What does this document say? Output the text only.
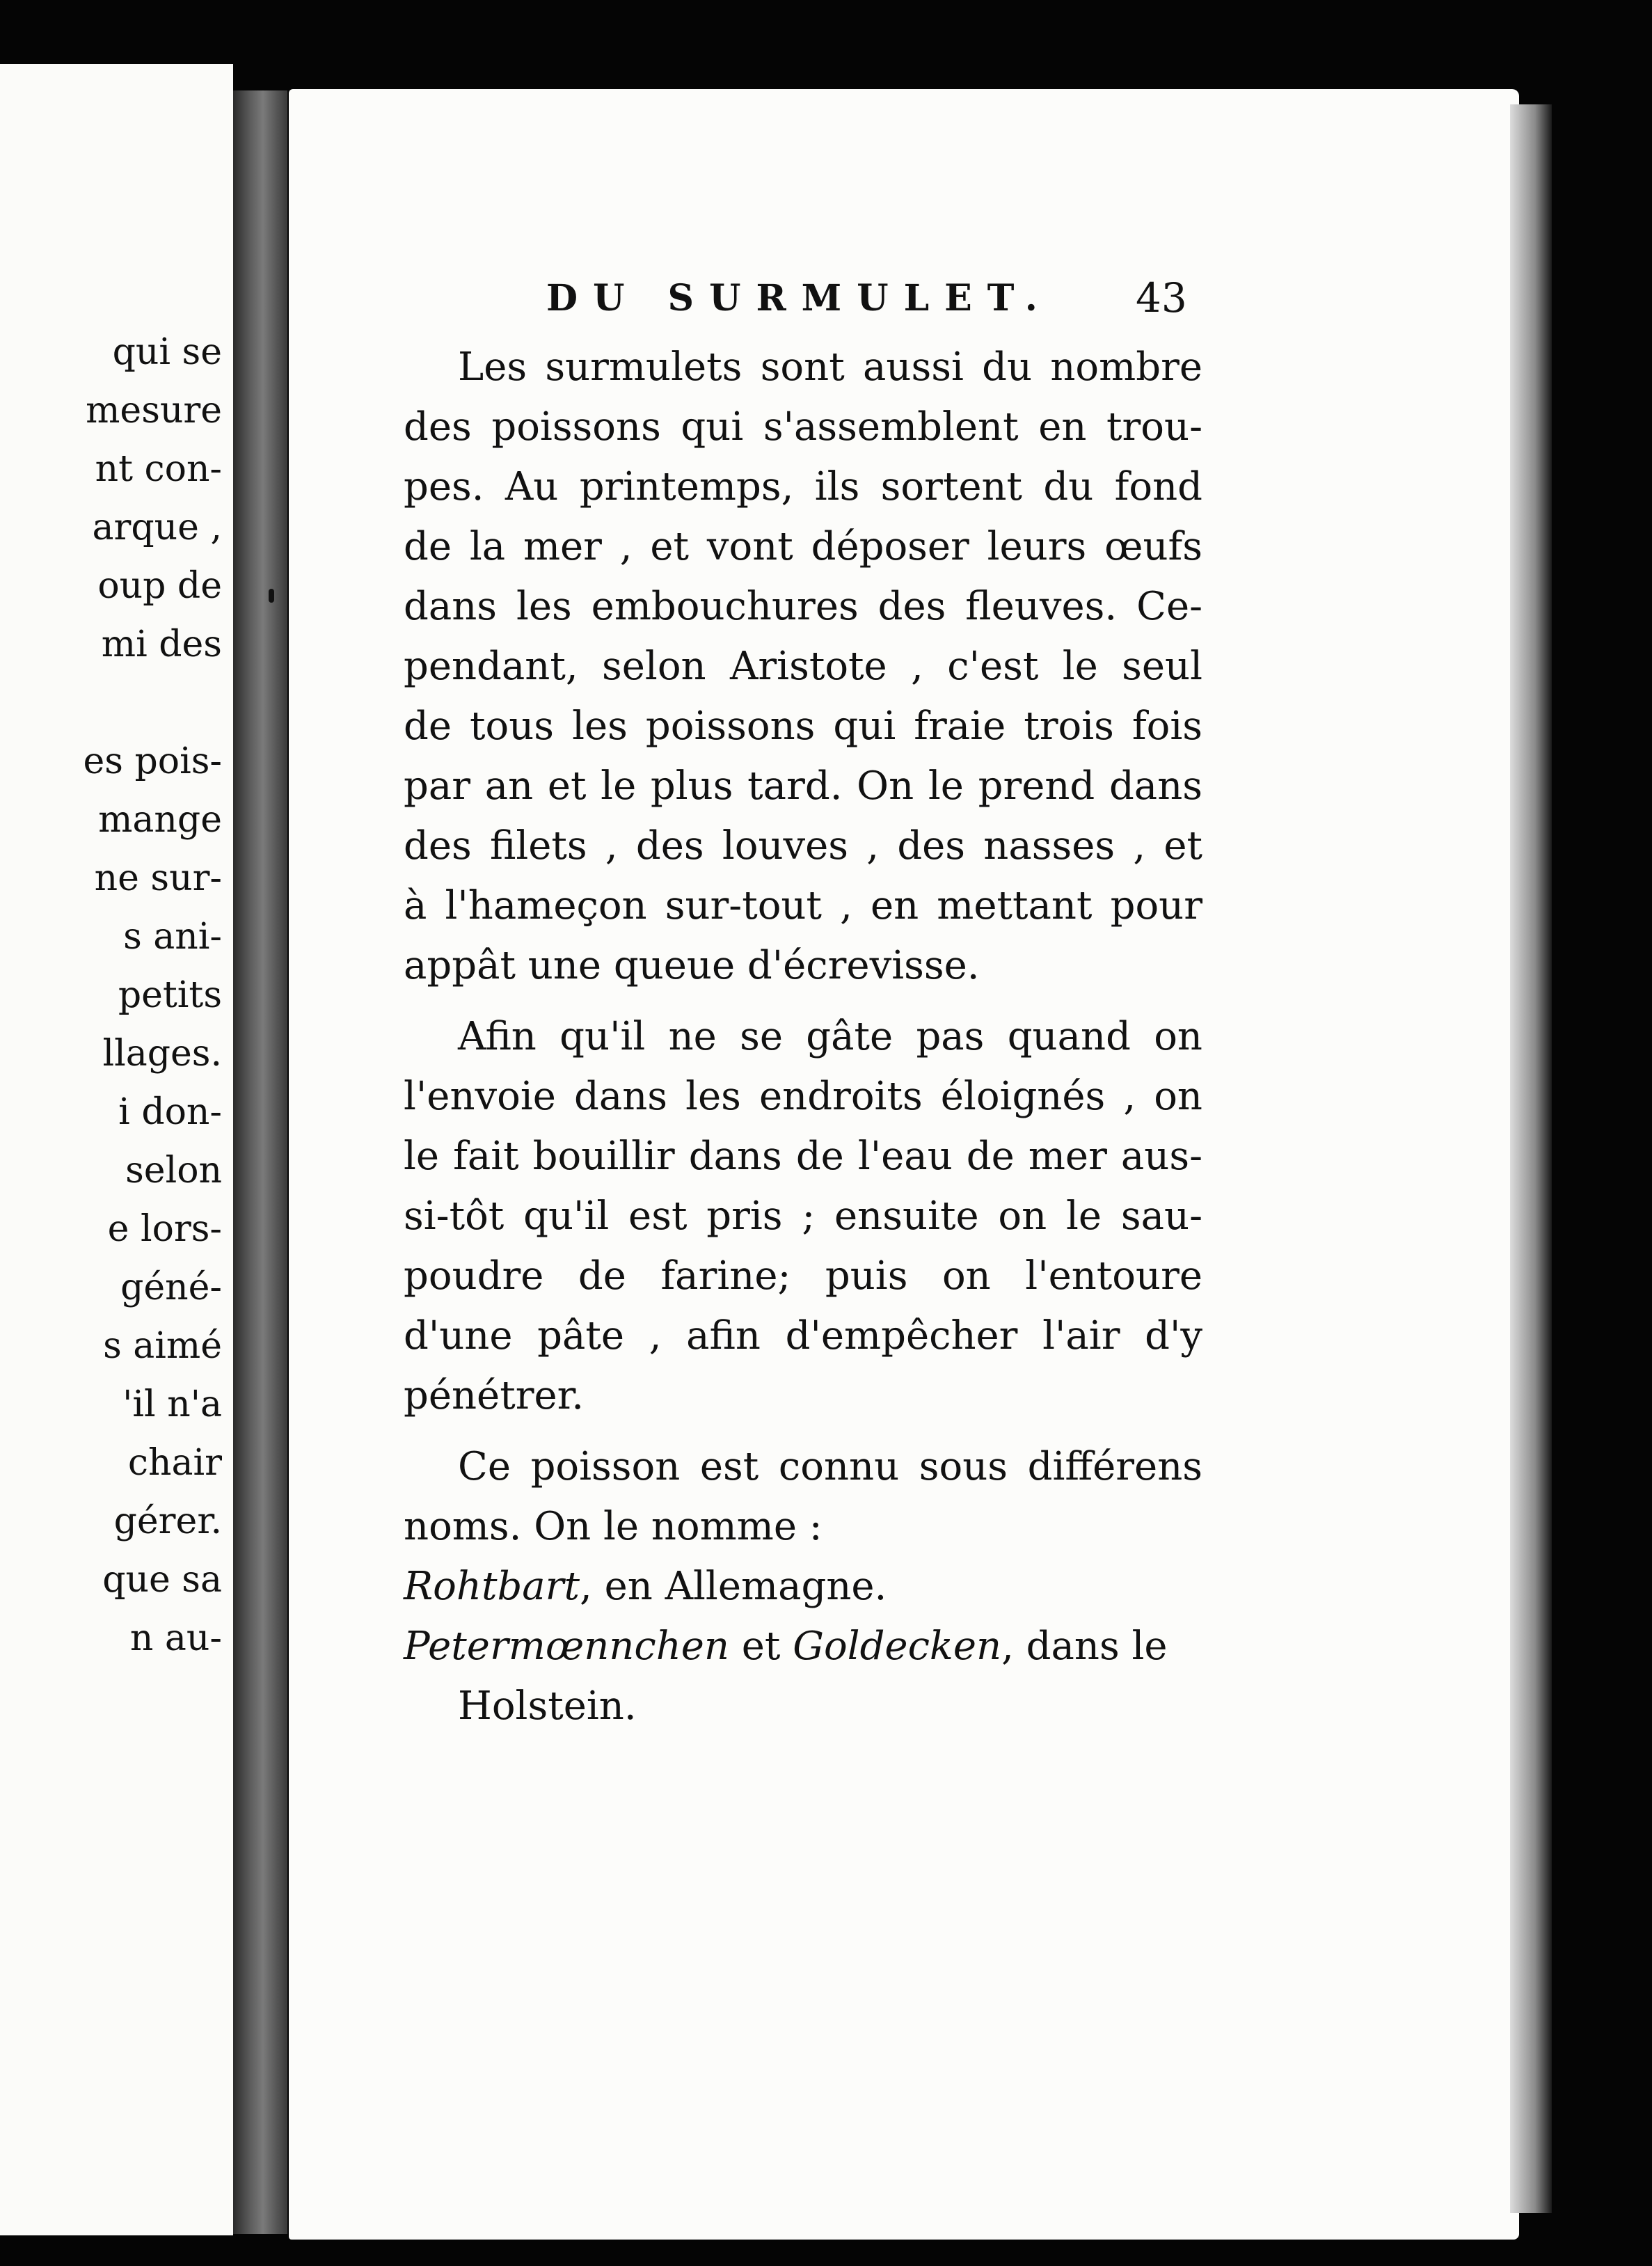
qui se
mesure
nt con-
arque ,
oup de
mi des
es pois-
mange
ne sur-
s ani-
petits
llages.
i don-
selon
e lors-
géné-
s aimé
'il n'a
chair
gérer.
que sa
n au-
DU SURMULET. 43
Les surmulets sont aussi du nombre
des poissons qui s'assemblent en trou-
pes. Au printemps, ils sortent du fond
de la mer , et vont déposer leurs œufs
dans les embouchures des fleuves. Ce-
pendant, selon Aristote , c'est le seul
de tous les poissons qui fraie trois fois
par an et le plus tard. On le prend dans
des filets , des louves , des nasses , et
à l'hameçon sur-tout , en mettant pour
appât une queue d'écrevisse.
Afin qu'il ne se gâte pas quand on
l'envoie dans les endroits éloignés , on
le fait bouillir dans de l'eau de mer aus-
si-tôt qu'il est pris ; ensuite on le sau-
poudre de farine; puis on l'entoure
d'une pâte , afin d'empêcher l'air d'y
pénétrer.
Ce poisson est connu sous différens
noms. On le nomme :
Rohtbart, en Allemagne.
Petermœnnchen et Goldecken, dans le
Holstein.
